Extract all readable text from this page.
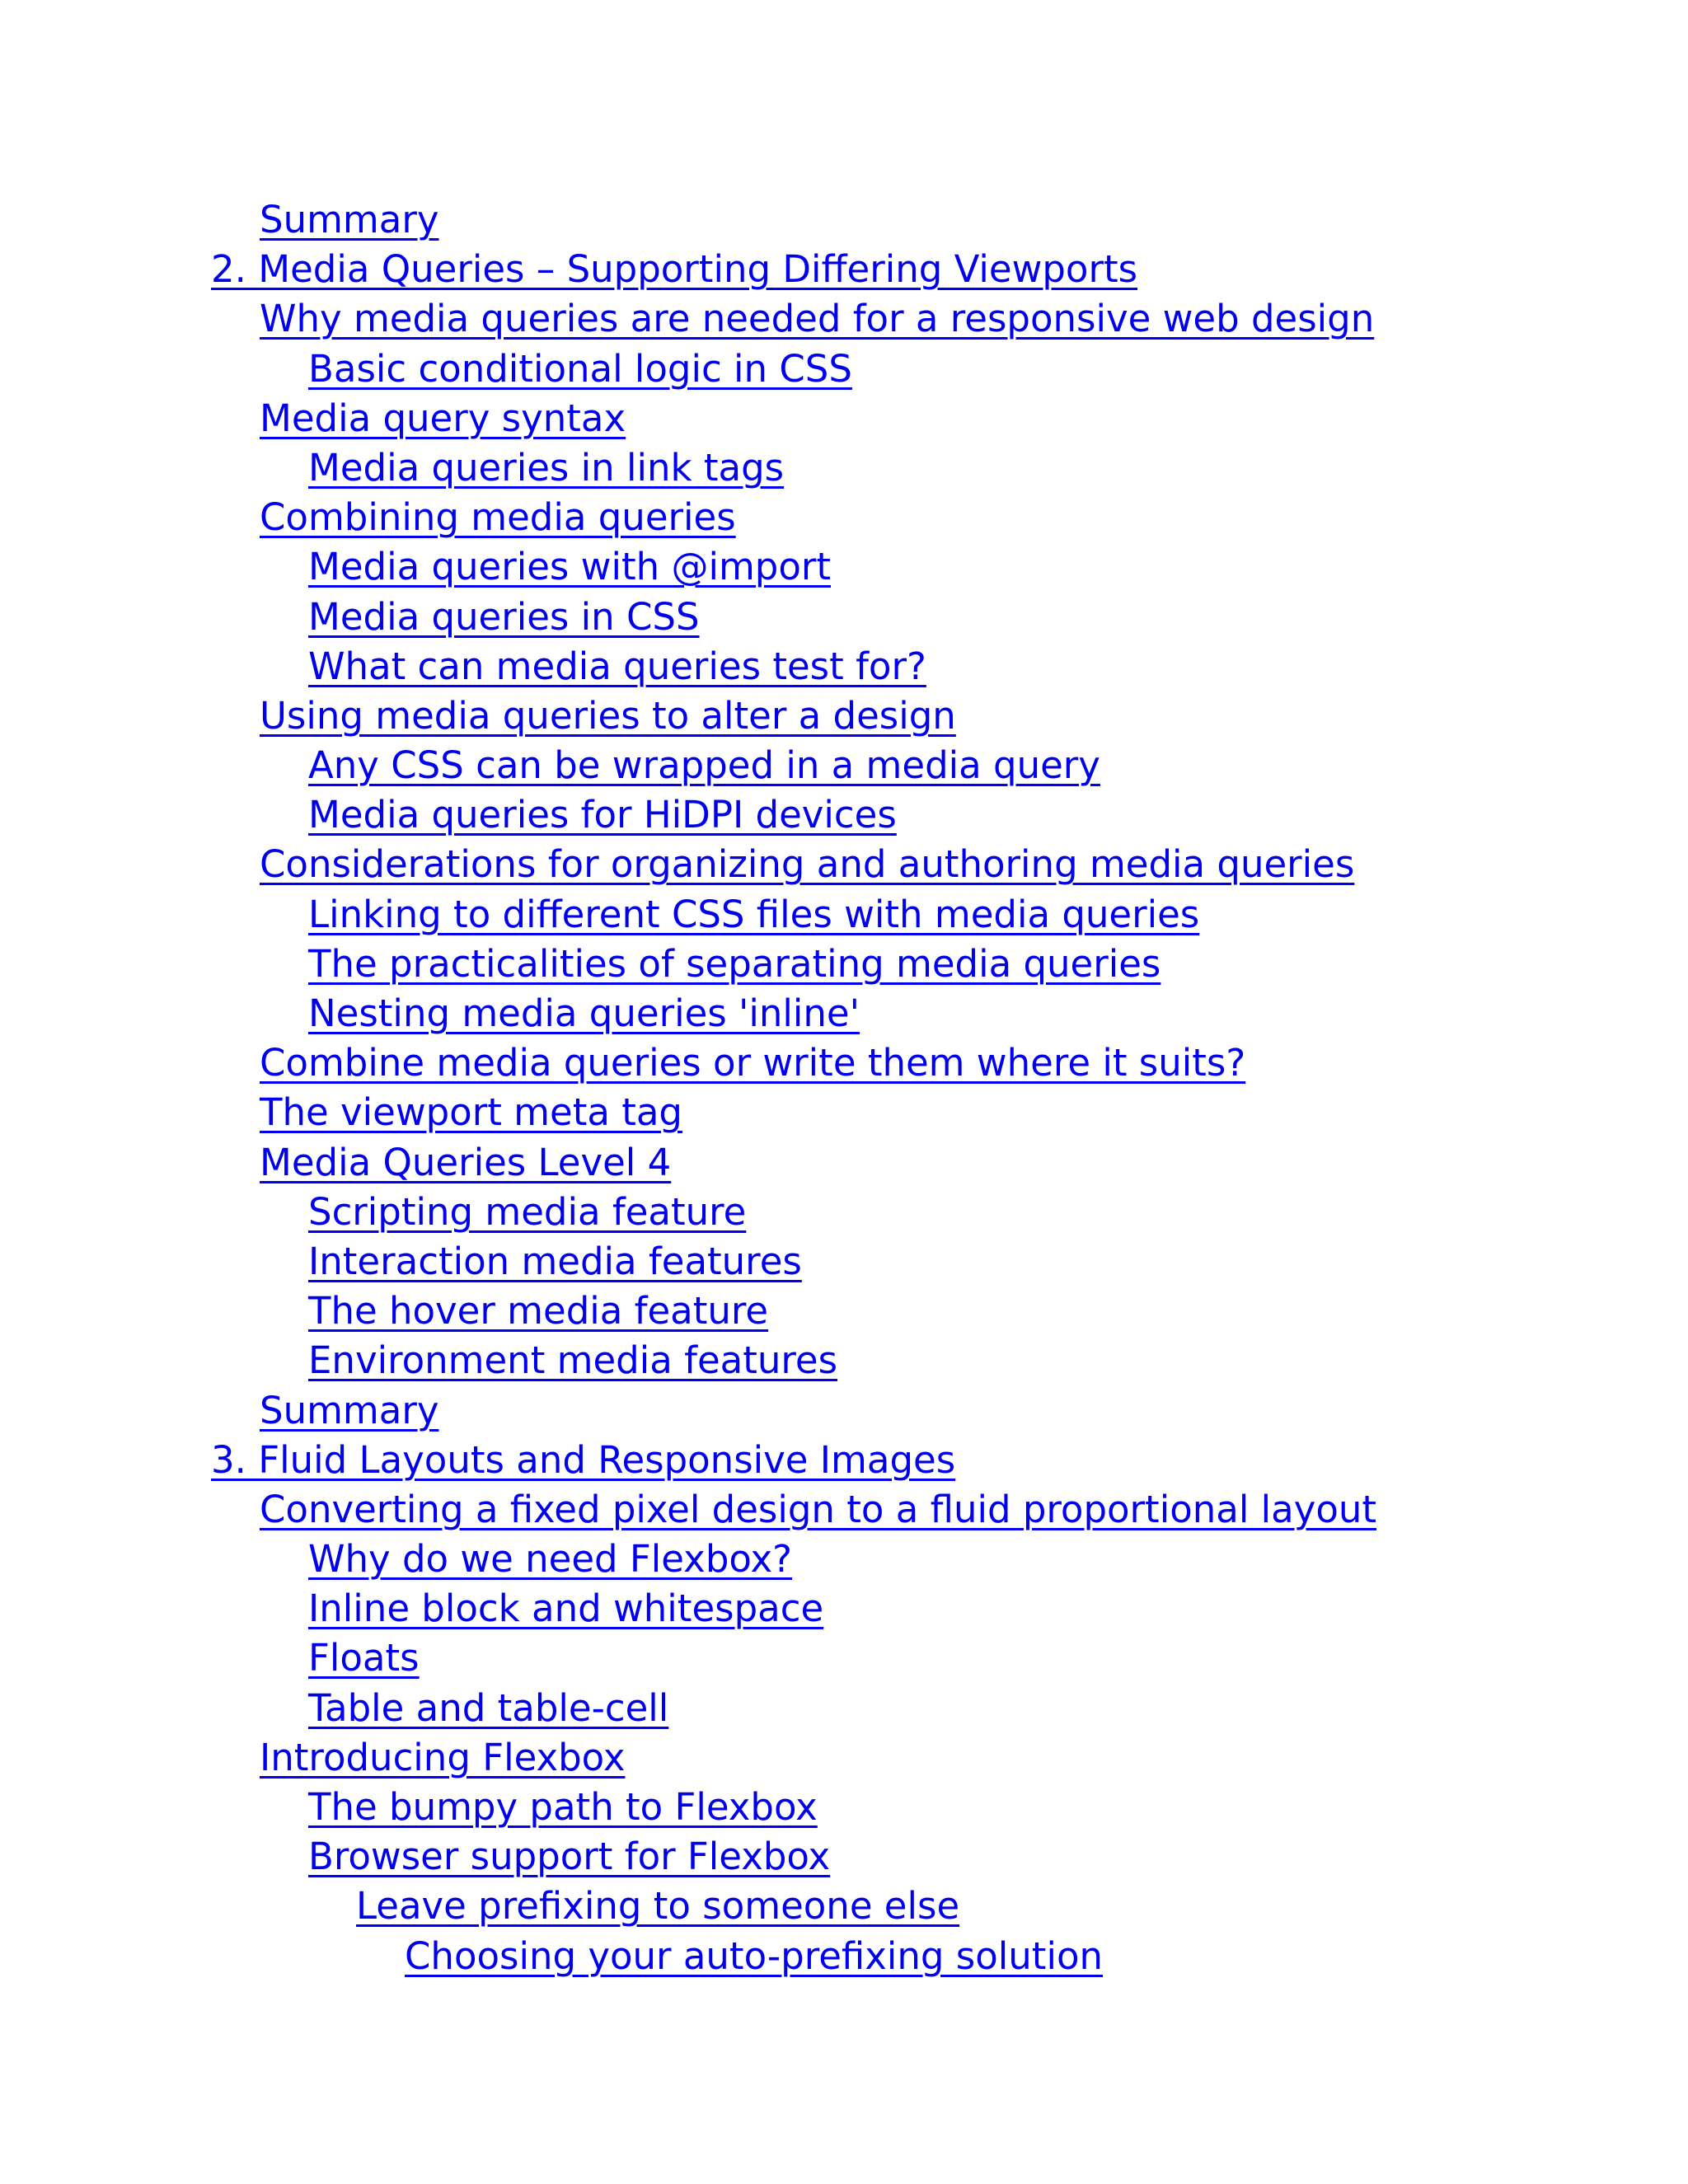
Summary
2. Media Queries – Supporting Differing Viewports
Why media queries are needed for a responsive web design
Basic conditional logic in CSS
Media query syntax
Media queries in link tags
Combining media queries
Media queries with @import
Media queries in CSS
What can media queries test for?
Using media queries to alter a design
Any CSS can be wrapped in a media query
Media queries for HiDPI devices
Considerations for organizing and authoring media queries
Linking to different CSS files with media queries
The practicalities of separating media queries
Nesting media queries 'inline'
Combine media queries or write them where it suits?
The viewport meta tag
Media Queries Level 4
Scripting media feature
Interaction media features
The hover media feature
Environment media features
Summary
3. Fluid Layouts and Responsive Images
Converting a fixed pixel design to a fluid proportional layout
Why do we need Flexbox?
Inline block and whitespace
Floats
Table and table-cell
Introducing Flexbox
The bumpy path to Flexbox
Browser support for Flexbox
Leave prefixing to someone else
Choosing your auto-prefixing solution
